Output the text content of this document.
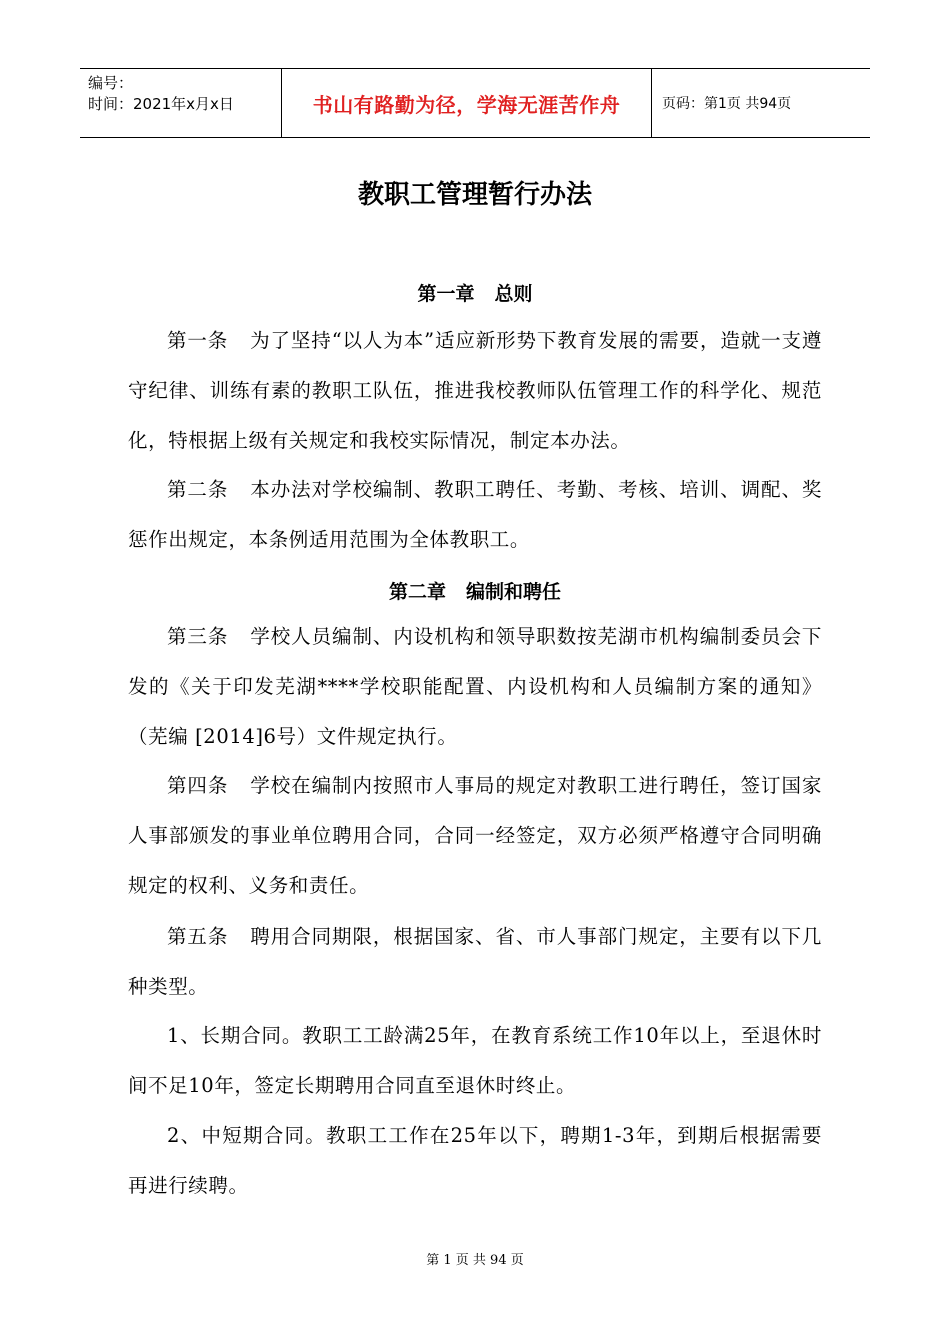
编号：
时间：2021年x月x日	书山有路勤为径，学海无涯苦作舟	页码：第1页 共94页
教职工管理暂行办法
第一章 总则
第一条 为了坚持“以人为本”适应新形势下教育发展的需要，造就一支遵守纪律、训练有素的教职工队伍，推进我校教师队伍管理工作的科学化、规范化，特根据上级有关规定和我校实际情况，制定本办法。
第二条 本办法对学校编制、教职工聘任、考勤、考核、培训、调配、奖惩作出规定，本条例适用范围为全体教职工。
第二章 编制和聘任
第三条 学校人员编制、内设机构和领导职数按芜湖市机构编制委员会下发的《关于印发芜湖****学校职能配置、内设机构和人员编制方案的通知》（芜编 [2014]6号）文件规定执行。
第四条 学校在编制内按照市人事局的规定对教职工进行聘任，签订国家人事部颁发的事业单位聘用合同，合同一经签定，双方必须严格遵守合同明确规定的权利、义务和责任。
第五条 聘用合同期限，根据国家、省、市人事部门规定，主要有以下几种类型。
1、长期合同。教职工工龄满25年，在教育系统工作10年以上，至退休时间不足10年，签定长期聘用合同直至退休时终止。
2、中短期合同。教职工工作在25年以下，聘期1-3年，到期后根据需要再进行续聘。
第 1 页 共 94 页
